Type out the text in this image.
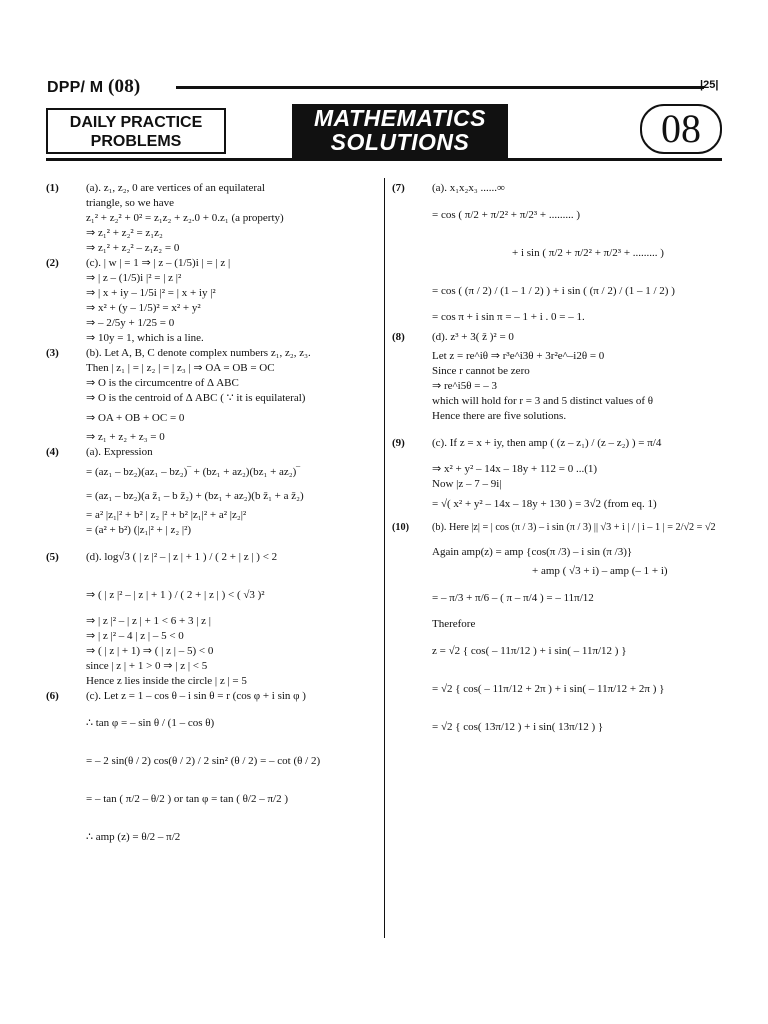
DPP/ M (08)	|25|
DAILY PRACTICE
PROBLEMS
MATHEMATICS
SOLUTIONS	08
(1) (a). z₁, z₂, 0 are vertices of an equilateral
triangle, so we have
z₁² + z₂² + 0² = z₁z₂ + z₂.0 + 0.z₁ (a property)
⇒ z₁² + z₂² = z₁z₂
⇒ z₁² + z₂² – z₁z₂ = 0
(2) (c). | w | = 1 ⇒ | z – (1/5)i | = | z |
⇒ | z – (1/5)i |² = | z |²
⇒ | x + iy – 1/5i |² = | x + iy |²
⇒ x² + (y – 1/5)² = x² + y²
⇒ – 2/5y + 1/25 = 0
⇒ 10y = 1, which is a line.
(3) (b). Let A, B, C denote complex numbers z₁, z₂, z₃.
Then | z₁ | = | z₂ | = | z₃ | ⇒ OA = OB = OC
⇒ O is the circumcentre of Δ ABC
⇒ O is the centroid of Δ ABC ( ∵ it is equilateral)
⇒ OA + OB + OC = 0
⇒ z₁ + z₂ + z₃ = 0
(4) (a). Expression
= (az₁ – bz₂)(az₁ – bz₂)‾ + (bz₁ + az₂)(bz₁ + az₂)‾
= (az₁ – bz₂)(a z̄₁ – b z̄₂) + (bz₁ + az₂)(b z̄₁ + a z̄₂)
= a² |z₁|² + b² | z₂ |² + b² |z₁|² + a² |z₂|²
= (a² + b²) (|z₁|² + | z₂ |²)
(5) (d). log√3 ( | z |² – | z | + 1 ) / ( 2 + | z | ) < 2
⇒ ( | z |² – | z | + 1 ) / ( 2 + | z | ) < ( √3 )²
⇒ | z |² – | z | + 1 < 6 + 3 | z |
⇒ | z |² – 4 | z | – 5 < 0
⇒ ( | z | + 1) ⇒ ( | z | – 5) < 0
since | z | + 1 > 0 ⇒ | z | < 5
Hence z lies inside the circle | z | = 5
(6) (c). Let z = 1 – cos θ – i sin θ = r (cos φ + i sin φ )
∴ tan φ = – sin θ / (1 – cos θ)
= – 2 sin(θ / 2) cos(θ / 2) / 2 sin² (θ / 2) = – cot (θ / 2)
= – tan ( π/2 – θ/2 ) or tan φ = tan ( θ/2 – π/2 )
∴ amp (z) = θ/2 – π/2
(7) (a). x₁x₂x₃ ......∞
= cos ( π/2 + π/2² + π/2³ + ......... )
+ i sin ( π/2 + π/2² + π/2³ + ......... )
= cos ( (π / 2) / (1 – 1 / 2) ) + i sin ( (π / 2) / (1 – 1 / 2) )
= cos π + i sin π = – 1 + i . 0 = – 1.
(8) (d). z³ + 3( z̄ )² = 0
Let z = re^iθ ⇒ r³e^i3θ + 3r²e^–i2θ = 0
Since r cannot be zero
⇒ re^i5θ = – 3
which will hold for r = 3 and 5 distinct values of θ
Hence there are five solutions.
(9) (c). If z = x + iy, then amp ( (z – z₁) / (z – z₂) ) = π/4
⇒ x² + y² – 14x – 18y + 112 = 0 ...(1)
Now |z – 7 – 9i|
= √( x² + y² – 14x – 18y + 130 ) = 3√2 (from eq. 1)
(10) (b). Here |z| = | cos (π / 3) – i sin (π / 3) || √3 + i | / | i – 1 | = 2/√2 = √2
Again amp(z) = amp {cos(π /3) – i sin (π /3)}
+ amp ( √3 + i) – amp (– 1 + i)
= – π/3 + π/6 – ( π – π/4 ) = – 11π/12
Therefore
z = √2 { cos( – 11π/12 ) + i sin( – 11π/12 ) }
= √2 { cos( – 11π/12 + 2π ) + i sin( – 11π/12 + 2π ) }
= √2 { cos( 13π/12 ) + i sin( 13π/12 ) }
